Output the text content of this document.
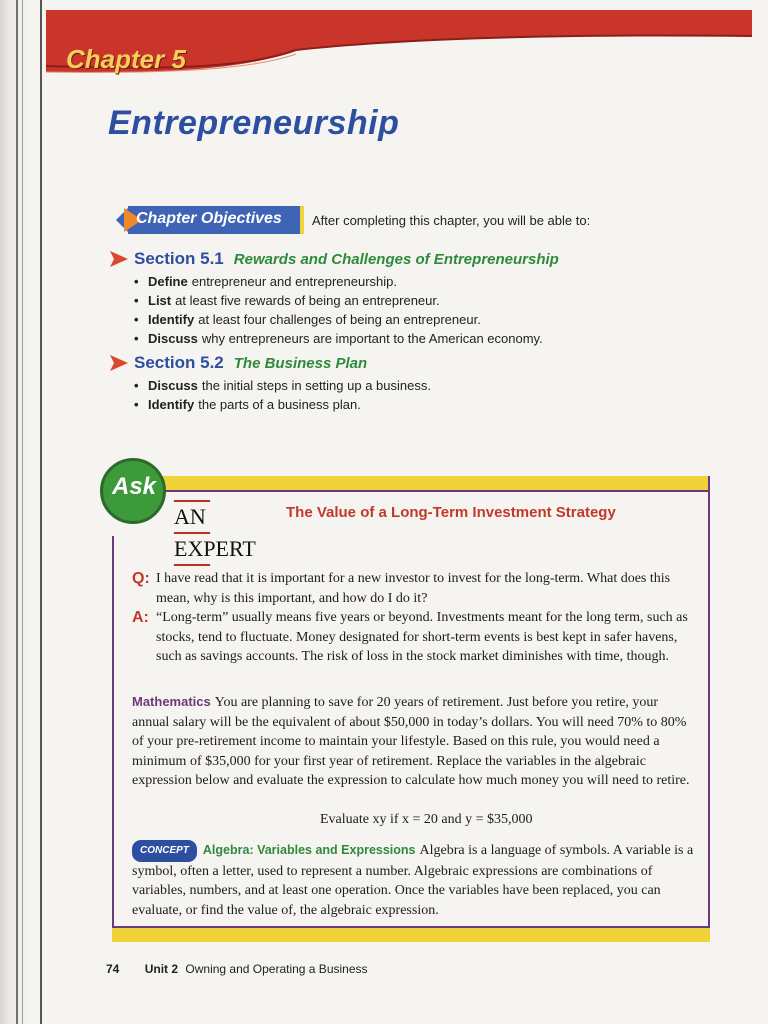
Chapter 5
Entrepreneurship
Chapter Objectives After completing this chapter, you will be able to:
Section 5.1 Rewards and Challenges of Entrepreneurship
• Define entrepreneur and entrepreneurship.
• List at least five rewards of being an entrepreneur.
• Identify at least four challenges of being an entrepreneur.
• Discuss why entrepreneurs are important to the American economy.
Section 5.2 The Business Plan
• Discuss the initial steps in setting up a business.
• Identify the parts of a business plan.
Ask
AN
EXPERT
The Value of a Long-Term Investment Strategy
Q: I have read that it is important for a new investor to invest for the long-term. What does this mean, why is this important, and how do I do it?
A: “Long-term” usually means five years or beyond. Investments meant for the long term, such as stocks, tend to fluctuate. Money designated for short-term events is best kept in safer havens, such as savings accounts. The risk of loss in the stock market diminishes with time, though.
Mathematics You are planning to save for 20 years of retirement. Just before you retire, your annual salary will be the equivalent of about $50,000 in today’s dollars. You will need 70% to 80% of your pre-retirement income to maintain your lifestyle. Based on this rule, you would need a minimum of $35,000 for your first year of retirement. Replace the variables in the algebraic expression below and evaluate the expression to calculate how much money you will need to retire.
Evaluate xy if x = 20 and y = $35,000
CONCEPT Algebra: Variables and Expressions Algebra is a language of symbols. A variable is a symbol, often a letter, used to represent a number. Algebraic expressions are combinations of variables, numbers, and at least one operation. Once the variables have been replaced, you can evaluate, or find the value of, the algebraic expression.
74 Unit 2 Owning and Operating a Business
